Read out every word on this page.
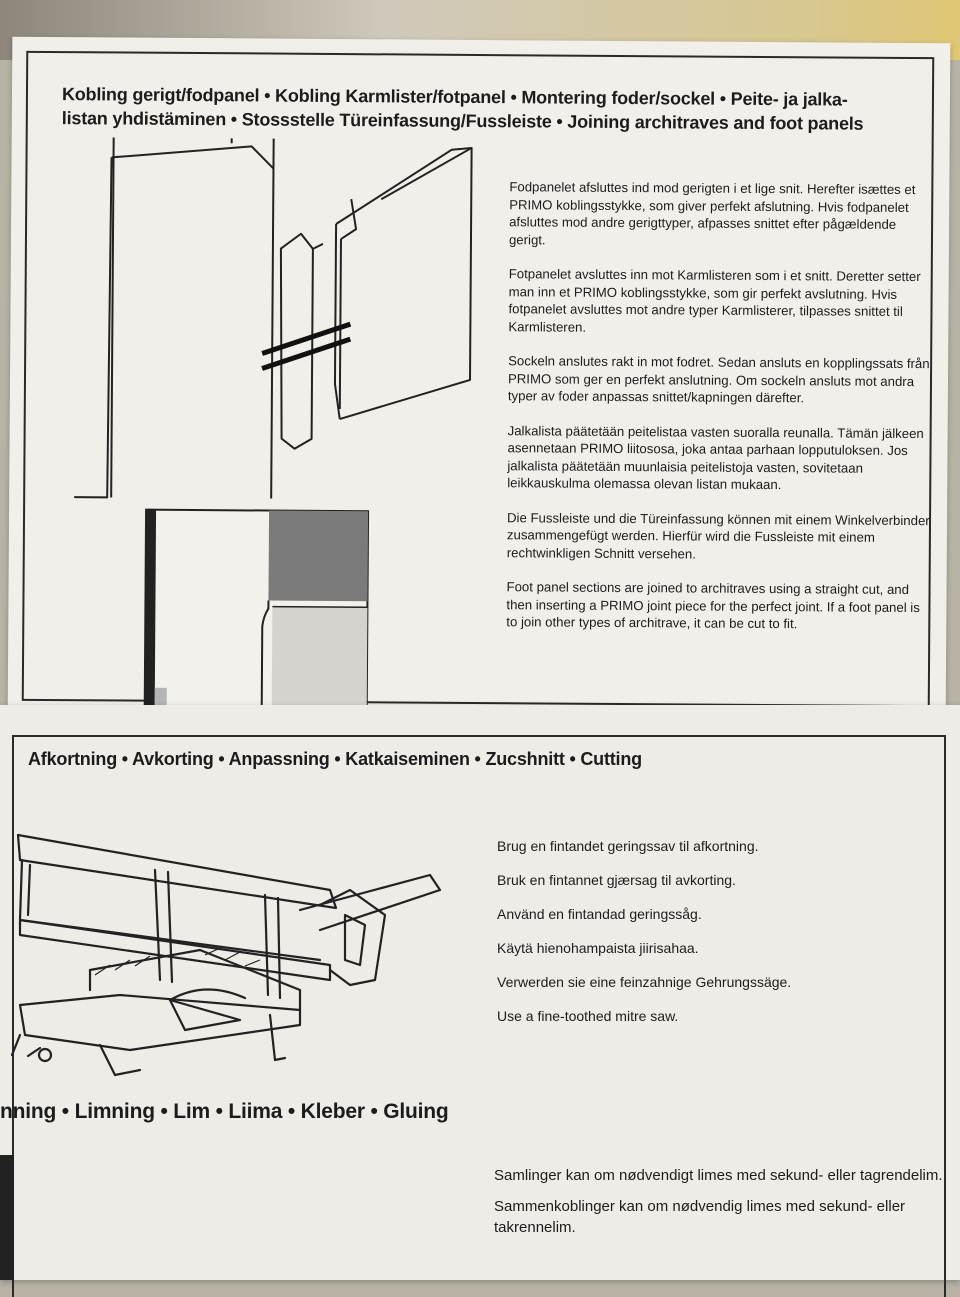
Kobling gerigt/fodpanel • Kobling Karmlister/fotpanel • Montering foder/sockel • Peite- ja jalka-
listan yhdistäminen • Stossstelle Türeinfassung/Fussleiste • Joining architraves and foot panels

Fodpanelet afsluttes ind mod gerigten i et lige snit. Herefter isættes et PRIMO koblingsstykke, som giver perfekt afslutning. Hvis fodpanelet afsluttes mod andre gerigttyper, afpasses snittet efter pågældende gerigt.

Fotpanelet avsluttes inn mot Karmlisteren som i et snitt. Deretter setter man inn et PRIMO koblingsstykke, som gir perfekt avslutning. Hvis fotpanelet avsluttes mot andre typer Karmlisterer, tilpasses snittet til Karmlisteren.

Sockeln anslutes rakt in mot fodret. Sedan ansluts en kopplingssats från PRIMO som ger en perfekt anslutning. Om sockeln ansluts mot andra typer av foder anpassas snittet/kapningen därefter.

Jalkalista päätetään peitelistaa vasten suoralla reunalla. Tämän jälkeen asennetaan PRIMO liitososa, joka antaa parhaan lopputuloksen. Jos jalkalista päätetään muunlaisia peitelistoja vasten, sovitetaan leikkauskulma olemassa olevan listan mukaan.

Die Fussleiste und die Türeinfassung können mit einem Winkelverbinder zusammengefügt werden. Hierfür wird die Fussleiste mit einem rechtwinkligen Schnitt versehen.

Foot panel sections are joined to architraves using a straight cut, and then inserting a PRIMO joint piece for the perfect joint. If a foot panel is to join other types of architrave, it can be cut to fit.

Afkortning • Avkorting • Anpassning • Katkaiseminen • Zucshnitt • Cutting

Brug en fintandet geringssav til afkortning.

Bruk en fintannet gjærsag til avkorting.

Använd en fintandad geringssåg.

Käytä hienohampaista jiirisahaa.

Verwerden sie eine feinzahnige Gehrungssäge.

Use a fine-toothed mitre saw.

nning • Limning • Lim • Liima • Kleber • Gluing

Samlinger kan om nødvendigt limes med sekund- eller tagrendelim.

Sammenkoblinger kan om nødvendig limes med sekund- eller takrennelim.
